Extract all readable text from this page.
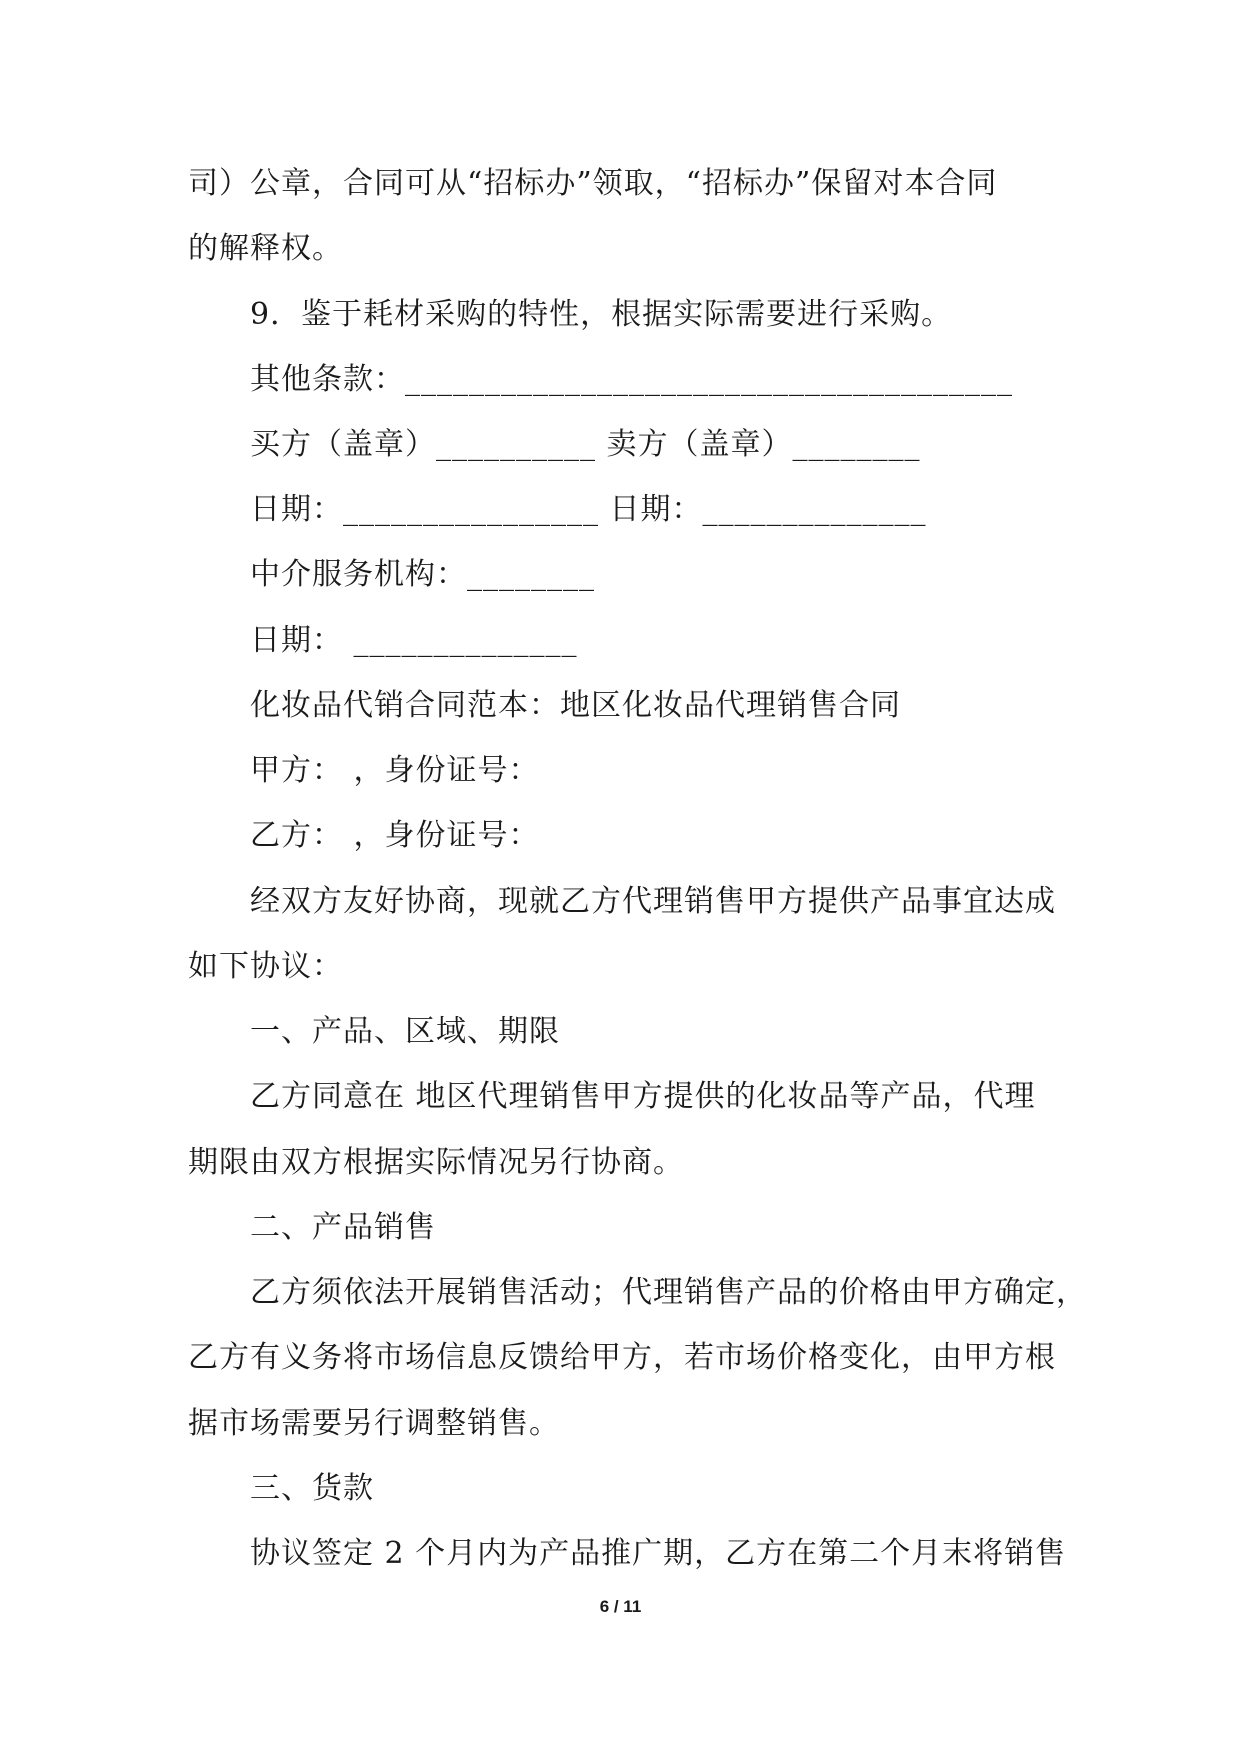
司）公章，合同可从“招标办”领取，“招标办”保留对本合同
的解释权。
9．鉴于耗材采购的特性，根据实际需要进行采购。
其他条款：______________________________________
买方（盖章）__________ 卖方（盖章）________
日期：________________ 日期：______________
中介服务机构：________
日期： ______________
化妆品代销合同范本：地区化妆品代理销售合同
甲方： ，身份证号：
乙方： ，身份证号：
经双方友好协商，现就乙方代理销售甲方提供产品事宜达成
如下协议：
一、产品、区域、期限
乙方同意在 地区代理销售甲方提供的化妆品等产品，代理
期限由双方根据实际情况另行协商。
二、产品销售
乙方须依法开展销售活动；代理销售产品的价格由甲方确定，
乙方有义务将市场信息反馈给甲方，若市场价格变化，由甲方根
据市场需要另行调整销售。
三、货款
协议签定 2 个月内为产品推广期，乙方在第二个月末将销售
6 / 11
